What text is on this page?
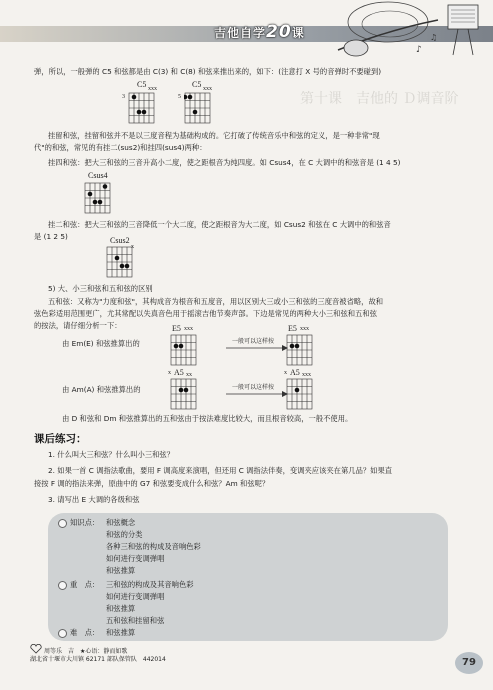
吉他自学20课
♪
♫
第十课　吉他的 Ｄ调音阶
弹，所以，一般弹的 C5 和弦都是由 C(3) 和 C(8) 和弦来推出来的，如下：(注意打 X 号的音弹时不要碰到)
C5 xxx
3
C5 xxx
5
挂留和弦，挂留和弦并不是以三度音程为基础构成的。它打破了传统音乐中和弦的定义，是一种非常"现
代"的和弦，常见的有挂二(sus2)和挂四(sus4)两种：
挂四和弦：把大三和弦的三音升高小二度，使之距根音为纯四度。如 Csus4，在 C 大调中的和弦音是 (1 4 5)
Csus4
挂二和弦：把大三和弦的三音降低一个大二度，使之距根音为大二度，如 Csus2 和弦在 C 大调中的和弦音
是 (1 2 5)	Csus2
x
5) 大、小三和弦和五和弦的区别
五和弦：又称为"力度和弦"，其构成音为根音和五度音，用以区别大三或小三和弦的三度音被省略，故和
弦色彩适用范围更广，尤其常配以失真音色用于摇滚吉他节奏声部。下边是常见的两种大小三和弦和五和弦
的按法，请仔细分析一下：
由 Em(E) 和弦推算出的
E5 xxx
一般可以这样按
E5 xxx
由 Am(A) 和弦推算出的
x A5 xx
一般可以这样按
x A5 xxx
由 D 和弦和 Dm 和弦推算出的五和弦由于按法难度比较大，而且根音较高，一般不使用。
课后练习：
1. 什么叫大三和弦？什么叫小三和弦？
2. 如果一首 C 调指法歌曲，要用 F 调高度来演唱，但还用 C 调指法伴奏，变调夹应该夹在第几品？如果直
接按 F 调的指法来弹，原曲中的 G7 和弦要变成什么和弦？Am 和弦呢？
3. 请写出 E 大调的各级和弦
知识点： 和弦概念
和弦的分类
各种三和弦的构成及音响色彩
如何进行变调弹唱
和弦推算
重　点： 三和弦的构成及其音响色彩
如何进行变调弹唱
和弦推算
五和弦和挂留和弦
难　点： 和弦推算
周等乐　吉　★心语：静而如歌
湖北省十堰市大川镇 62171 部队保管队　442014	79
